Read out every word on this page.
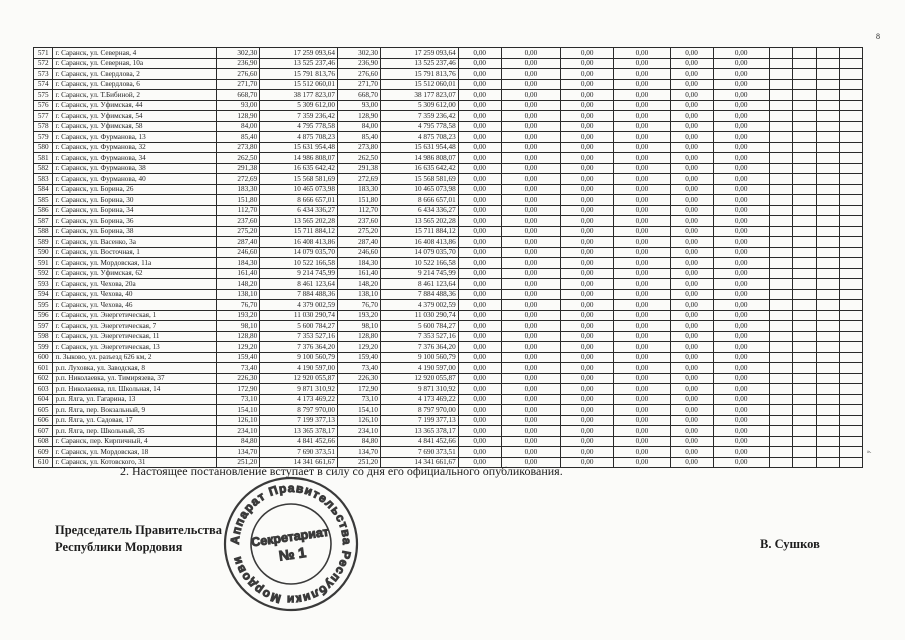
8
571	г. Саранск, ул. Северная, 4	302,30	17 259 093,64	302,30	17 259 093,64	0,00	0,00	0,00	0,00	0,00	0,00				
572	г. Саранск, ул. Северная, 10а	236,90	13 525 237,46	236,90	13 525 237,46	0,00	0,00	0,00	0,00	0,00	0,00				
573	г. Саранск, ул. Свердлова, 2	276,60	15 791 813,76	276,60	15 791 813,76	0,00	0,00	0,00	0,00	0,00	0,00				
574	г. Саранск, ул. Свердлова, 6	271,70	15 512 060,01	271,70	15 512 060,01	0,00	0,00	0,00	0,00	0,00	0,00				
575	г. Саранск, ул. Т.Бибиной, 2	668,70	38 177 823,07	668,70	38 177 823,07	0,00	0,00	0,00	0,00	0,00	0,00				
576	г. Саранск, ул. Уфимская, 44	93,00	5 309 612,00	93,00	5 309 612,00	0,00	0,00	0,00	0,00	0,00	0,00				
577	г. Саранск, ул. Уфимская, 54	128,90	7 359 236,42	128,90	7 359 236,42	0,00	0,00	0,00	0,00	0,00	0,00				
578	г. Саранск, ул. Уфимская, 58	84,00	4 795 778,58	84,00	4 795 778,58	0,00	0,00	0,00	0,00	0,00	0,00				
579	г. Саранск, ул. Фурманова, 13	85,40	4 875 708,23	85,40	4 875 708,23	0,00	0,00	0,00	0,00	0,00	0,00				
580	г. Саранск, ул. Фурманова, 32	273,80	15 631 954,48	273,80	15 631 954,48	0,00	0,00	0,00	0,00	0,00	0,00				
581	г. Саранск, ул. Фурманова, 34	262,50	14 986 808,07	262,50	14 986 808,07	0,00	0,00	0,00	0,00	0,00	0,00				
582	г. Саранск, ул. Фурманова, 38	291,38	16 635 642,42	291,38	16 635 642,42	0,00	0,00	0,00	0,00	0,00	0,00				
583	г. Саранск, ул. Фурманова, 40	272,69	15 568 581,69	272,69	15 568 581,69	0,00	0,00	0,00	0,00	0,00	0,00				
584	г. Саранск, ул. Борина, 26	183,30	10 465 073,98	183,30	10 465 073,98	0,00	0,00	0,00	0,00	0,00	0,00				
585	г. Саранск, ул. Борина, 30	151,80	8 666 657,01	151,80	8 666 657,01	0,00	0,00	0,00	0,00	0,00	0,00				
586	г. Саранск, ул. Борина, 34	112,70	6 434 336,27	112,70	6 434 336,27	0,00	0,00	0,00	0,00	0,00	0,00				
587	г. Саранск, ул. Борина, 36	237,60	13 565 202,28	237,60	13 565 202,28	0,00	0,00	0,00	0,00	0,00	0,00				
588	г. Саранск, ул. Борина, 38	275,20	15 711 884,12	275,20	15 711 884,12	0,00	0,00	0,00	0,00	0,00	0,00				
589	г. Саранск, ул. Васенко, 3а	287,40	16 408 413,86	287,40	16 408 413,86	0,00	0,00	0,00	0,00	0,00	0,00				
590	г. Саранск, ул. Восточная, 1	246,60	14 079 035,70	246,60	14 079 035,70	0,00	0,00	0,00	0,00	0,00	0,00				
591	г. Саранск, ул. Мордовская, 11а	184,30	10 522 166,58	184,30	10 522 166,58	0,00	0,00	0,00	0,00	0,00	0,00				
592	г. Саранск, ул. Уфимская, 62	161,40	9 214 745,99	161,40	9 214 745,99	0,00	0,00	0,00	0,00	0,00	0,00				
593	г. Саранск, ул. Чехова, 20а	148,20	8 461 123,64	148,20	8 461 123,64	0,00	0,00	0,00	0,00	0,00	0,00				
594	г. Саранск, ул. Чехова, 40	138,10	7 884 488,36	138,10	7 884 488,36	0,00	0,00	0,00	0,00	0,00	0,00				
595	г. Саранск, ул. Чехова, 46	76,70	4 379 002,59	76,70	4 379 002,59	0,00	0,00	0,00	0,00	0,00	0,00				
596	г. Саранск, ул. Энергетическая, 1	193,20	11 030 290,74	193,20	11 030 290,74	0,00	0,00	0,00	0,00	0,00	0,00				
597	г. Саранск, ул. Энергетическая, 7	98,10	5 600 784,27	98,10	5 600 784,27	0,00	0,00	0,00	0,00	0,00	0,00				
598	г. Саранск, ул. Энергетическая, 11	128,80	7 353 527,16	128,80	7 353 527,16	0,00	0,00	0,00	0,00	0,00	0,00				
599	г. Саранск, ул. Энергетическая, 13	129,20	7 376 364,20	129,20	7 376 364,20	0,00	0,00	0,00	0,00	0,00	0,00				
600	п. Зыково, ул. разъезд 626 км, 2	159,40	9 100 560,79	159,40	9 100 560,79	0,00	0,00	0,00	0,00	0,00	0,00				
601	р.п. Луховка, ул. Заводская, 8	73,40	4 190 597,00	73,40	4 190 597,00	0,00	0,00	0,00	0,00	0,00	0,00				
602	р.п. Николаевка, ул. Тимирязева, 37	226,30	12 920 055,87	226,30	12 920 055,87	0,00	0,00	0,00	0,00	0,00	0,00				
603	р.п. Николаевка, пл. Школьная, 14	172,90	9 871 310,92	172,90	9 871 310,92	0,00	0,00	0,00	0,00	0,00	0,00				
604	р.п. Ялга, ул. Гагарина, 13	73,10	4 173 469,22	73,10	4 173 469,22	0,00	0,00	0,00	0,00	0,00	0,00				
605	р.п. Ялга, пер. Вокзальный, 9	154,10	8 797 970,00	154,10	8 797 970,00	0,00	0,00	0,00	0,00	0,00	0,00				
606	р.п. Ялга, ул. Садовая, 17	126,10	7 199 377,13	126,10	7 199 377,13	0,00	0,00	0,00	0,00	0,00	0,00				
607	р.п. Ялга, пер. Школьный, 35	234,10	13 365 378,17	234,10	13 365 378,17	0,00	0,00	0,00	0,00	0,00	0,00				
608	г. Саранск, пер. Кирпичный, 4	84,80	4 841 452,66	84,80	4 841 452,66	0,00	0,00	0,00	0,00	0,00	0,00				
609	г. Саранск, ул. Мордовская, 18	134,70	7 690 373,51	134,70	7 690 373,51	0,00	0,00	0,00	0,00	0,00	0,00				
610	г. Саранск, ул. Котовского, 31	251,20	14 341 661,67	251,20	14 341 661,67	0,00	0,00	0,00	0,00	0,00	0,00				
».
2. Настоящее постановление вступает в силу со дня его официального опубликования.
Председатель Правительства
Республики Мордовия	В. Сушков
Аппарат Правительства Республики Мордовия
Секретариат
№ 1
